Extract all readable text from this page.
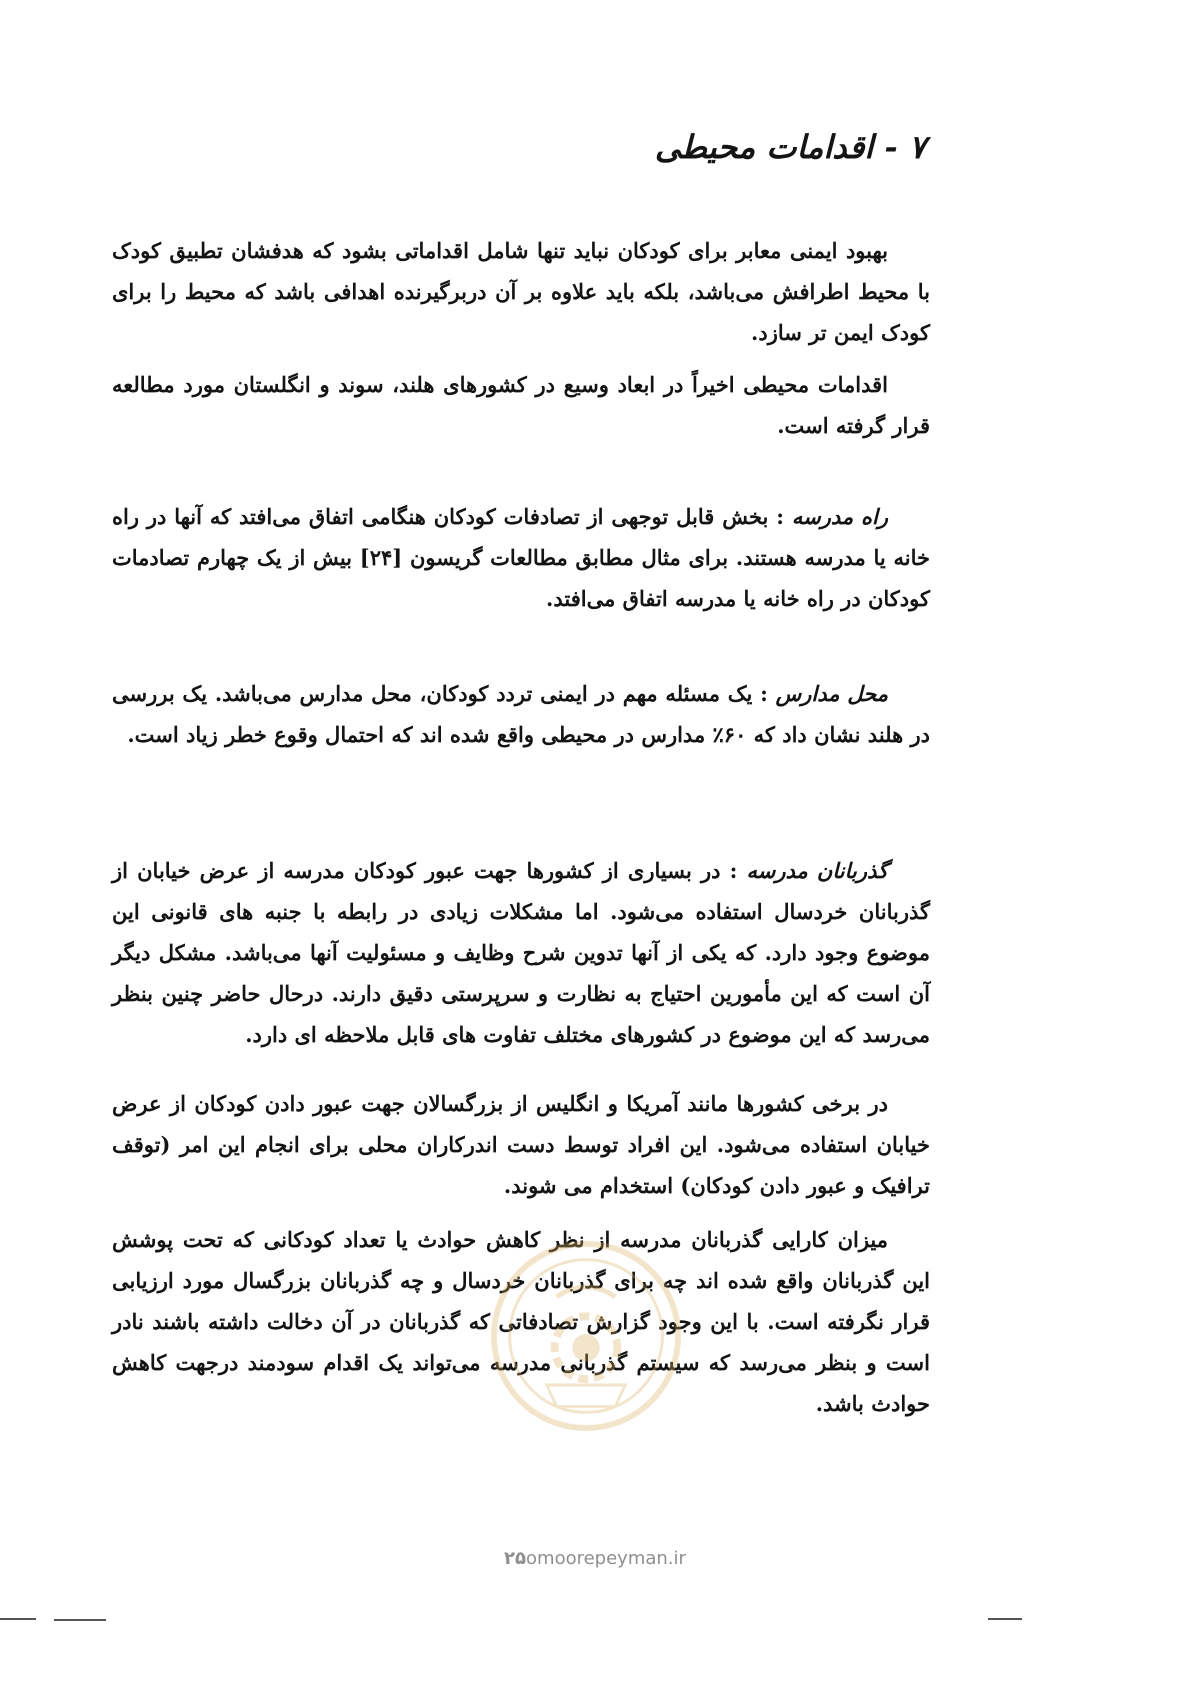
۷ - اقدامات محیطی

بهبود ایمنی معابر برای کودکان نباید تنها شامل اقداماتی بشود که هدفشان تطبیق کودک با محیط اطرافش می‌باشد، بلکه باید علاوه بر آن دربرگیرنده اهدافی باشد که محیط را برای کودک ایمن تر سازد.

اقدامات محیطی اخیراً در ابعاد وسیع در کشورهای هلند، سوند و انگلستان مورد مطالعه قرار گرفته است.

راه مدرسه : بخش قابل توجهی از تصادفات کودکان هنگامی اتفاق می‌افتد که آنها در راه خانه یا مدرسه هستند. برای مثال مطابق مطالعات گریسون [۲۴] بیش از یک چهارم تصادمات کودکان در راه خانه یا مدرسه اتفاق می‌افتد.

محل مدارس : یک مسئله مهم در ایمنی تردد کودکان، محل مدارس می‌باشد. یک بررسی در هلند نشان داد که ۶۰٪ مدارس در محیطی واقع شده اند که احتمال وقوع خطر زیاد است.

گذربانان مدرسه : در بسیاری از کشورها جهت عبور کودکان مدرسه از عرض خیابان از گذربانان خردسال استفاده می‌شود. اما مشکلات زیادی در رابطه با جنبه های قانونی این موضوع وجود دارد. که یکی از آنها تدوین شرح وظایف و مسئولیت آنها می‌باشد. مشکل دیگر آن است که این مأمورین احتیاج به نظارت و سرپرستی دقیق دارند. درحال حاضر چنین بنظر می‌رسد که این موضوع در کشورهای مختلف تفاوت های قابل ملاحظه ای دارد.

در برخی کشورها مانند آمریکا و انگلیس از بزرگسالان جهت عبور دادن کودکان از عرض خیابان استفاده می‌شود. این افراد توسط دست اندرکاران محلی برای انجام این امر (توقف ترافیک و عبور دادن کودکان) استخدام می شوند.

میزان کارایی گذربانان مدرسه از نظر کاهش حوادث یا تعداد کودکانی که تحت پوشش این گذربانان واقع شده اند چه برای گذربانان خردسال و چه گذربانان بزرگسال مورد ارزیابی قرار نگرفته است. با این وجود گزارش تصادفاتی که گذربانان در آن دخالت داشته باشند نادر است و بنظر می‌رسد که سیستم گذربانی مدرسه می‌تواند یک اقدام سودمند درجهت کاهش حوادث باشد.

۲۵omoorepeyman.ir
